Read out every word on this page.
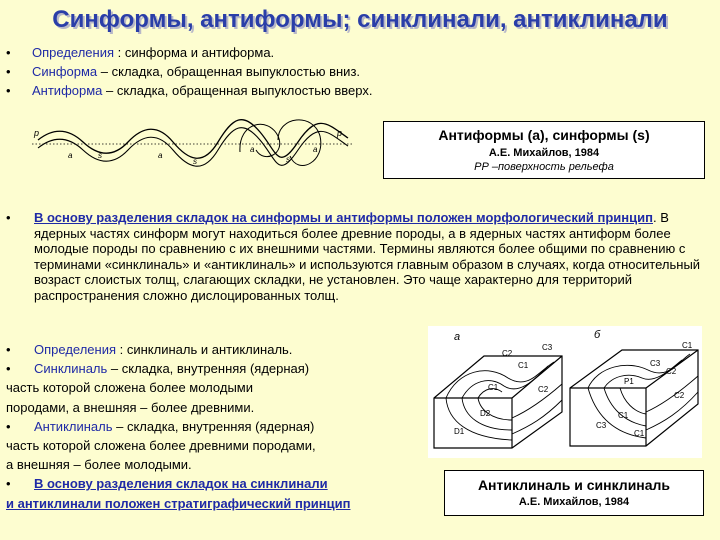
Синформы, антиформы; синклинали, антиклинали
• Определения : синформа и антиформа.
• Синформа – складка, обращенная выпуклостью вниз.
• Антиформа – складка, обращенная выпуклостью вверх.
р	р
а	s	а
s
а
s
а
Антиформы (а), синформы (s)
А.Е. Михайлов, 1984
РР –поверхность рельефа
•	В основу разделения складок на синформы и антиформы положен морфологический принцип. В ядерных частях синформ могут находиться более древние породы, а в ядерных частях антиформ более молодые породы по сравнению с их внешними частями. Термины являются более общими по сравнению с терминами «синклиналь» и «антиклиналь» и используются главным образом в случаях, когда относительный возраст слоистых толщ, слагающих складки, не установлен. Это чаще характерно для территорий распространения сложно дислоцированных толщ.
• Определения : синклиналь и антиклиналь.
• Синклиналь – складка, внутренняя (ядерная)
часть которой сложена более молодыми
породами, а внешняя – более древними.
• Антиклиналь – складка, внутренняя (ядерная)
часть которой сложена более древними породами,
а внешняя – более молодыми.
• В основу разделения складок на синклинали
и антиклинали положен стратиграфический принцип
а
С2
С1
С3
С2
С1
D2
D1
б
С3
С2
С1
Р1
С2
С1
С3
С1
Антиклиналь и синклиналь
А.Е. Михайлов, 1984
